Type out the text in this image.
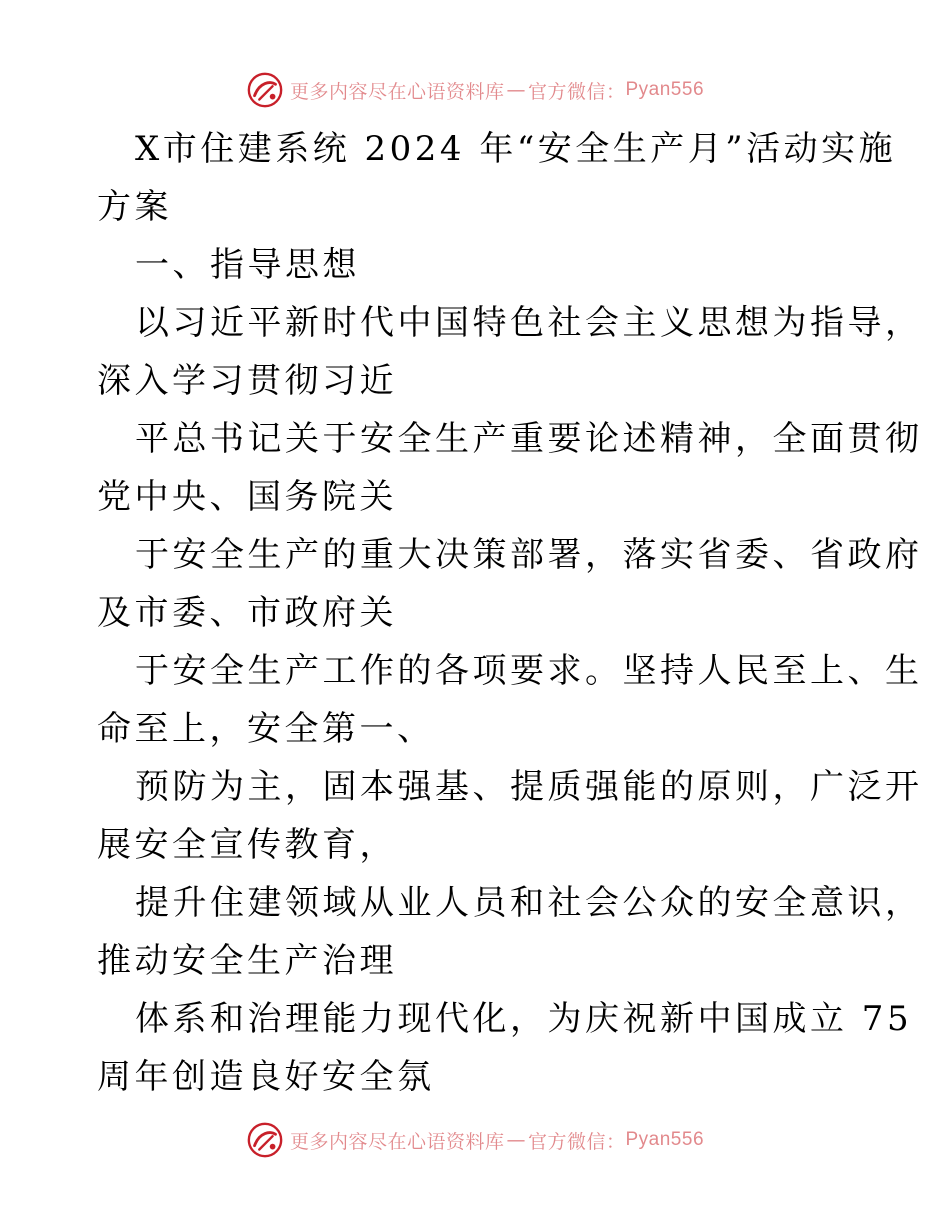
更多内容尽在心语资料库 — 官方微信： Pyan556
X市住建系统 2024 年“安全生产月”活动实施
方案
一、指导思想
以习近平新时代中国特色社会主义思想为指导，
深入学习贯彻习近
平总书记关于安全生产重要论述精神，全面贯彻
党中央、国务院关
于安全生产的重大决策部署，落实省委、省政府
及市委、市政府关
于安全生产工作的各项要求。坚持人民至上、生
命至上，安全第一、
预防为主，固本强基、提质强能的原则，广泛开
展安全宣传教育，
提升住建领域从业人员和社会公众的安全意识，
推动安全生产治理
体系和治理能力现代化，为庆祝新中国成立 75
周年创造良好安全氛
更多内容尽在心语资料库 — 官方微信： Pyan556
